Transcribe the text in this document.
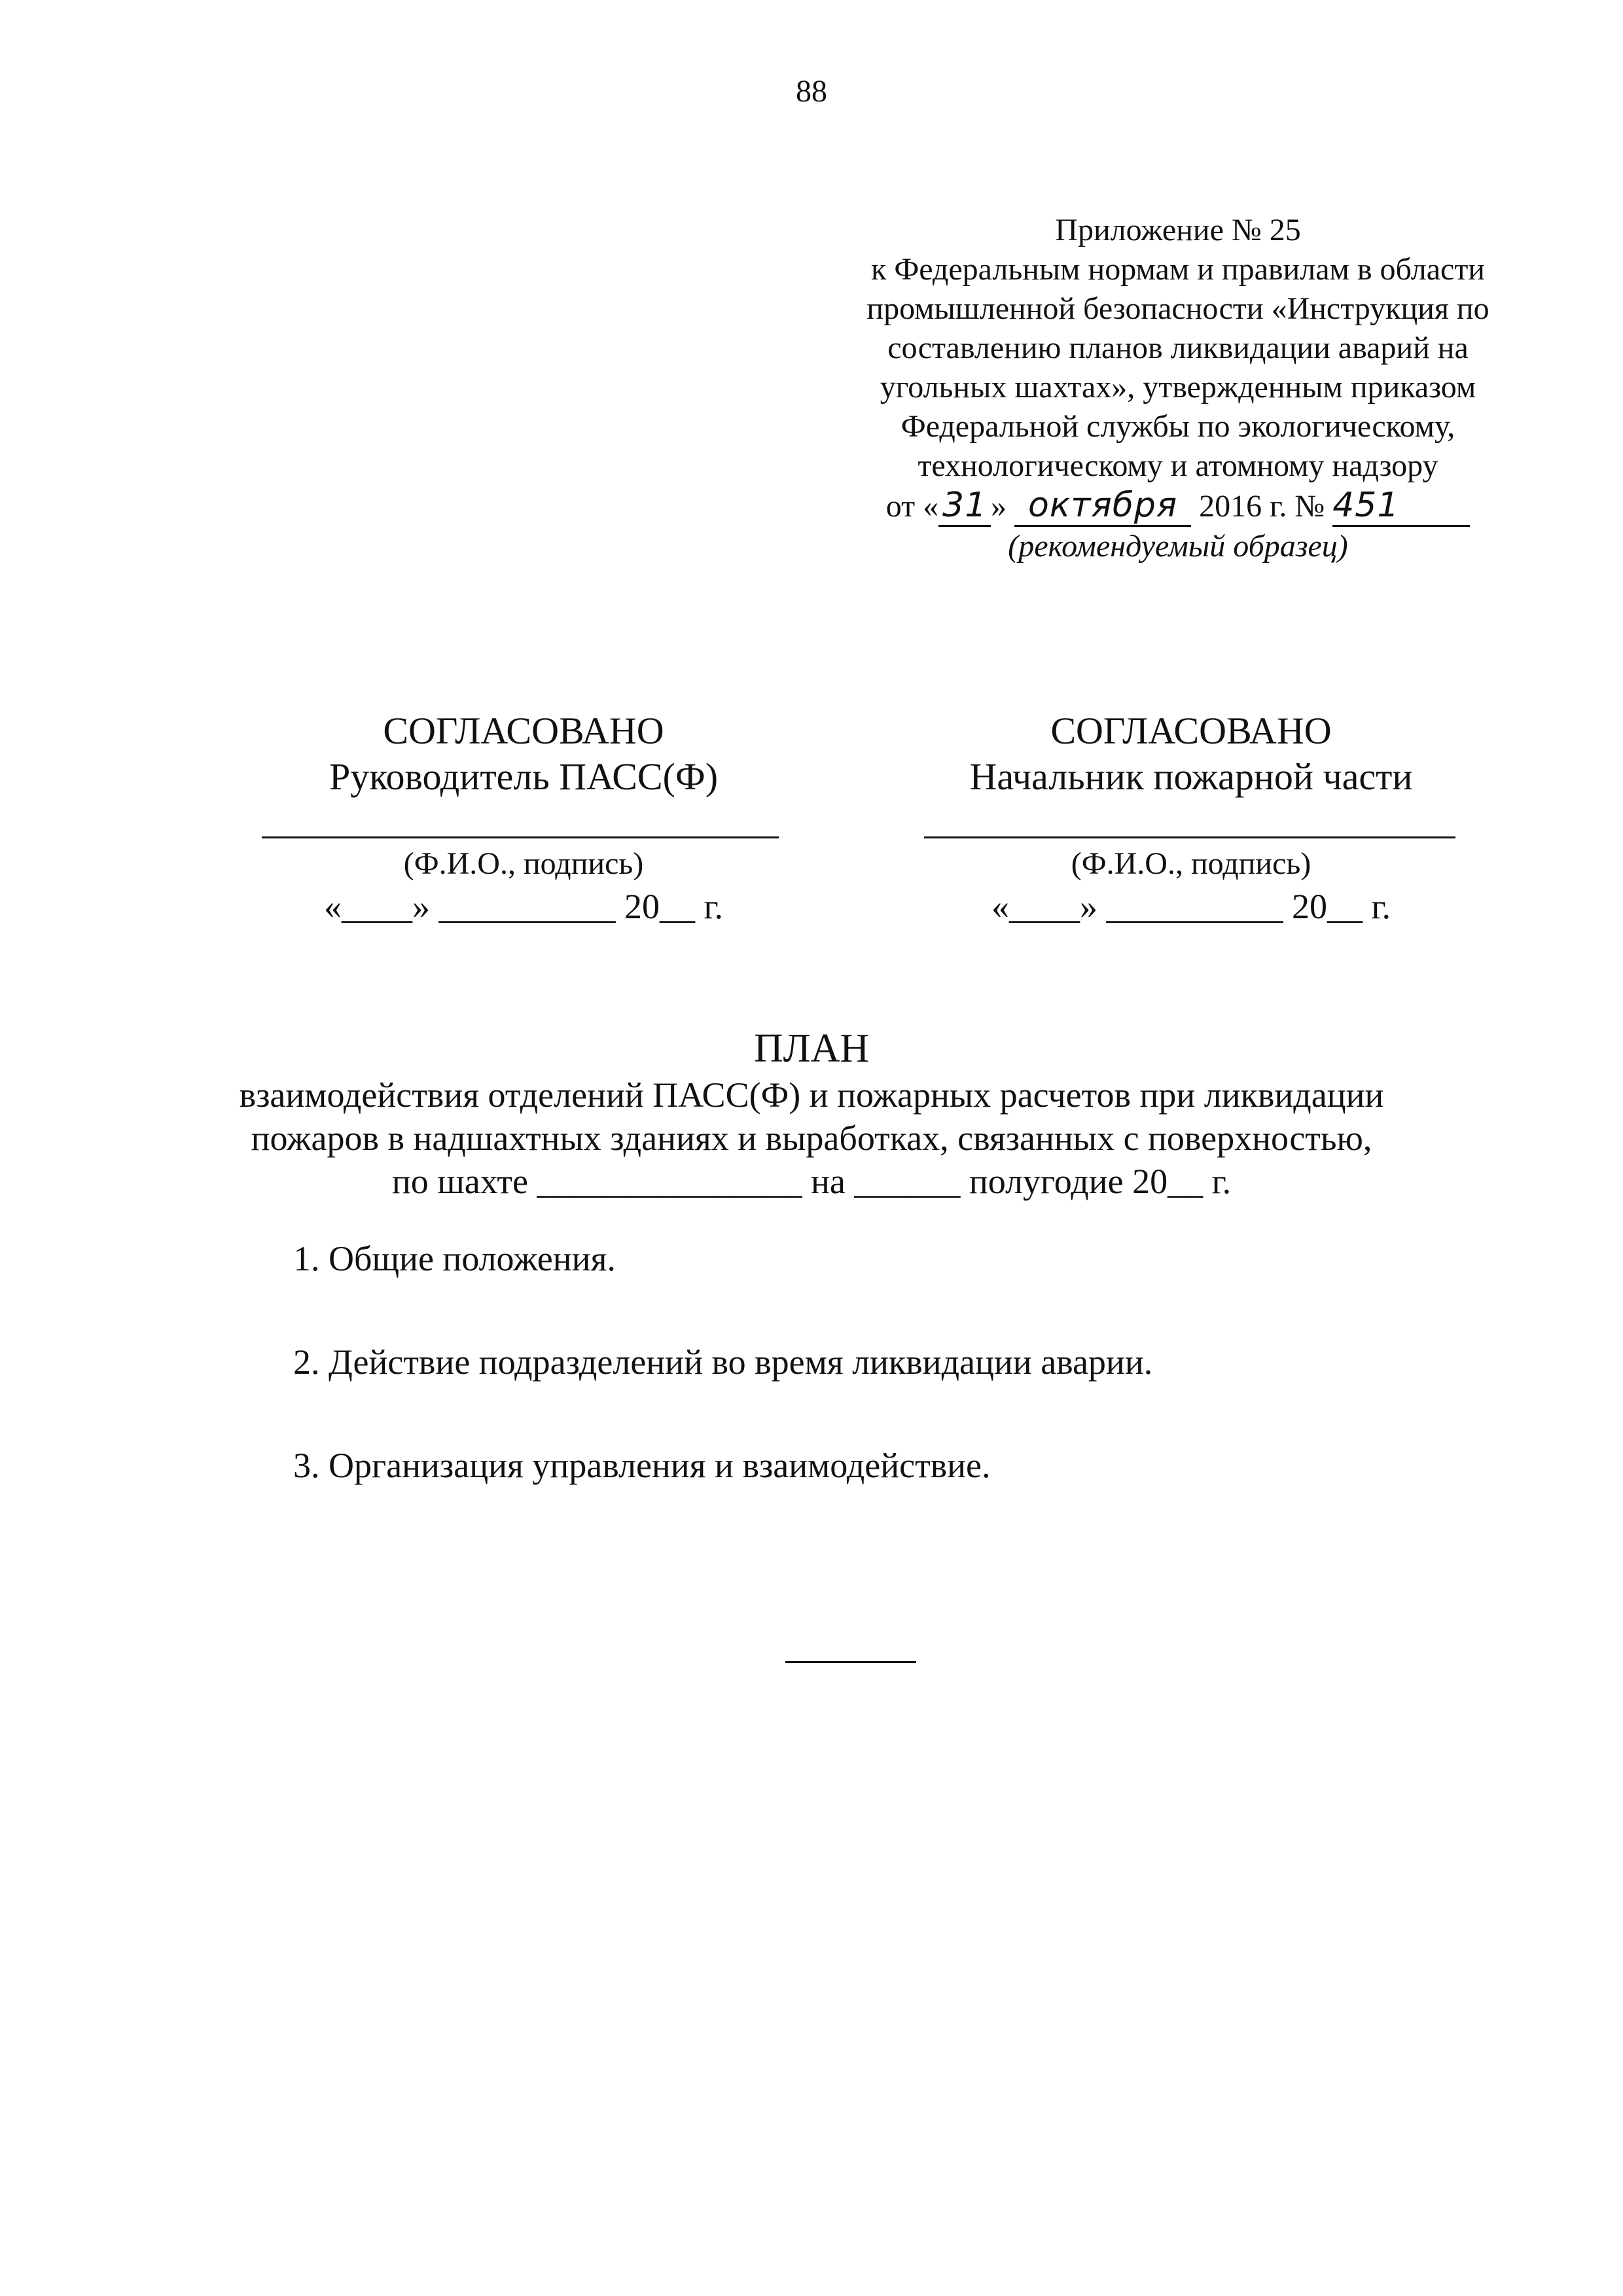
88
Приложение № 25
к Федеральным нормам и правилам в области
промышленной безопасности «Инструкция по
составлению планов ликвидации аварий на
угольных шахтах», утвержденным приказом
Федеральной службы по экологическому,
технологическому и атомному надзору
от « 31 » октября 2016 г. № 451
(рекомендуемый образец)
СОГЛАСОВАНО
Руководитель ПАСС(Ф)
(Ф.И.О., подпись)
«____» __________ 20__ г.
СОГЛАСОВАНО
Начальник пожарной части
(Ф.И.О., подпись)
«____» __________ 20__ г.
ПЛАН
взаимодействия отделений ПАСС(Ф) и пожарных расчетов при ликвидации
пожаров в надшахтных зданиях и выработках, связанных с поверхностью,
по шахте _______________ на ______ полугодие 20__ г.
1. Общие положения.
2. Действие подразделений во время ликвидации аварии.
3. Организация управления и взаимодействие.
